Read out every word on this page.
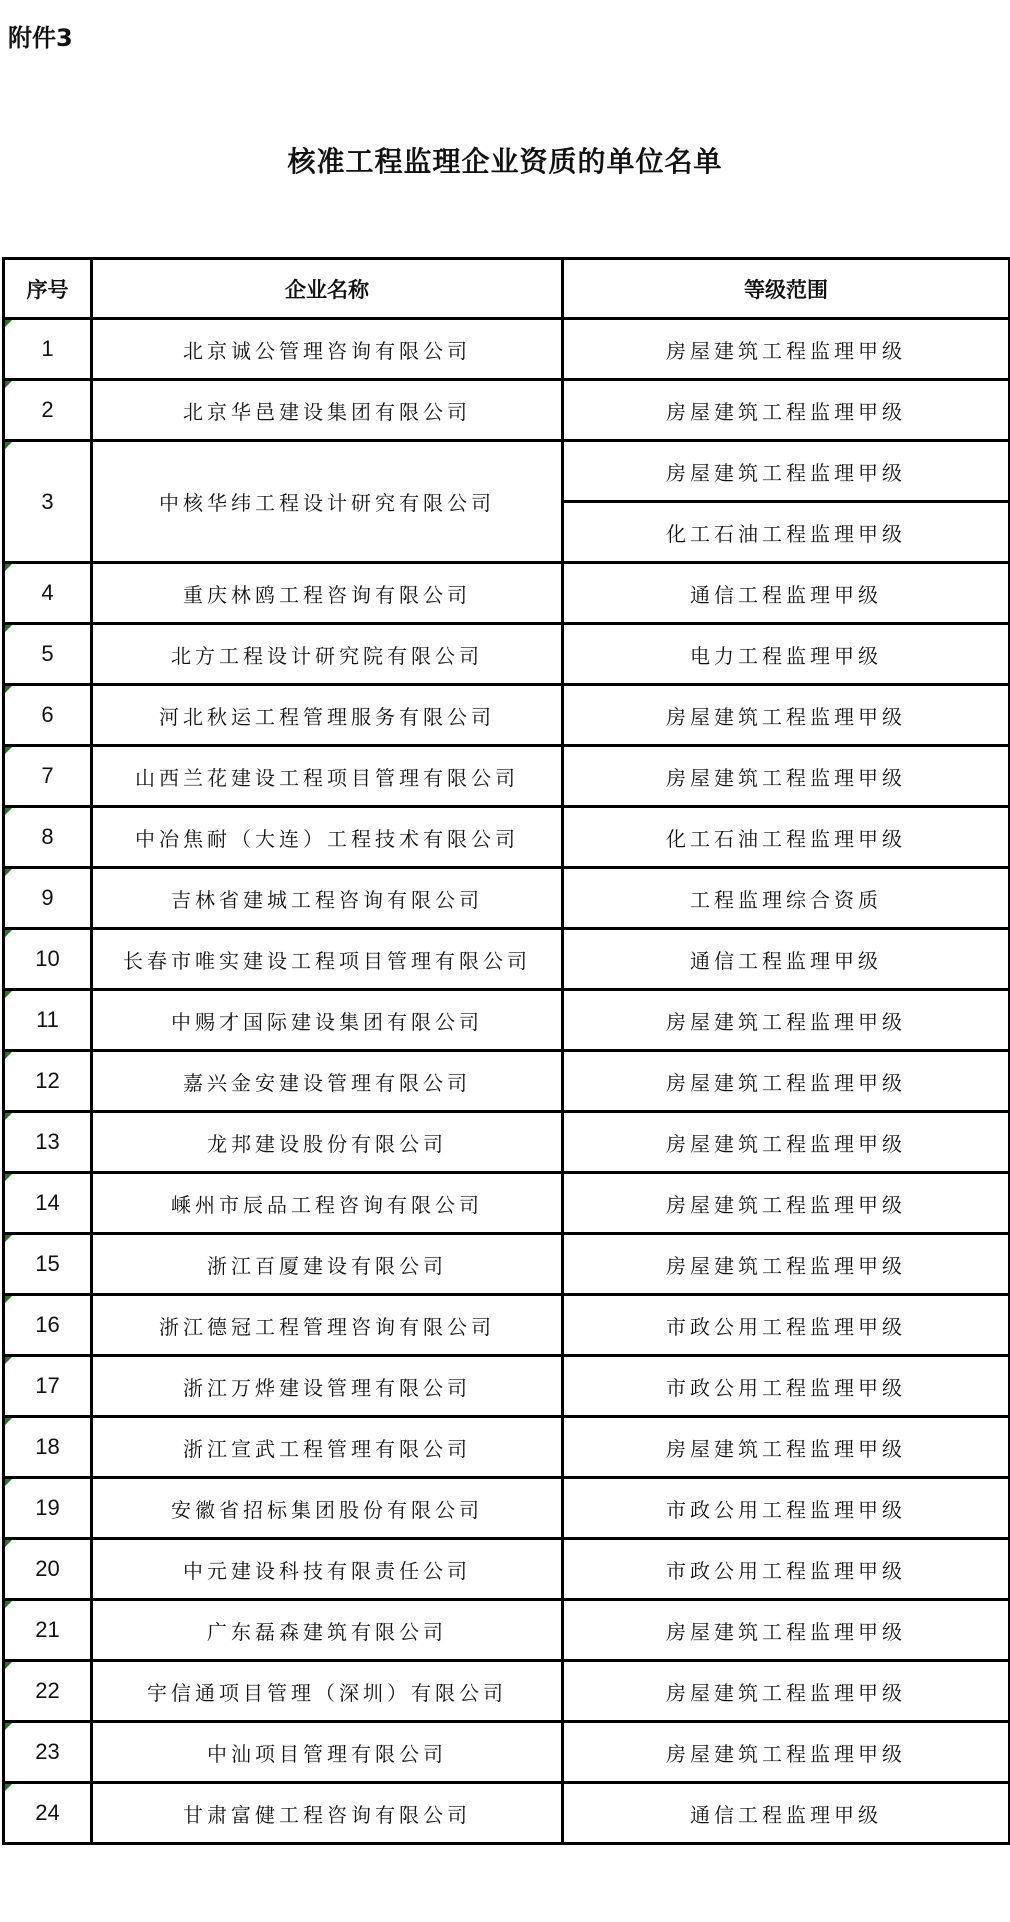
附件3
核准工程监理企业资质的单位名单
序号	企业名称	等级范围

1	北京诚公管理咨询有限公司	房屋建筑工程监理甲级

2	北京华邑建设集团有限公司	房屋建筑工程监理甲级

3	中核华纬工程设计研究有限公司	房屋建筑工程监理甲级
		化工石油工程监理甲级

4	重庆林鸥工程咨询有限公司	通信工程监理甲级

5	北方工程设计研究院有限公司	电力工程监理甲级

6	河北秋运工程管理服务有限公司	房屋建筑工程监理甲级

7	山西兰花建设工程项目管理有限公司	房屋建筑工程监理甲级

8	中冶焦耐（大连）工程技术有限公司	化工石油工程监理甲级

9	吉林省建城工程咨询有限公司	工程监理综合资质

10	长春市唯实建设工程项目管理有限公司	通信工程监理甲级

11	中赐才国际建设集团有限公司	房屋建筑工程监理甲级

12	嘉兴金安建设管理有限公司	房屋建筑工程监理甲级

13	龙邦建设股份有限公司	房屋建筑工程监理甲级

14	嵊州市辰品工程咨询有限公司	房屋建筑工程监理甲级

15	浙江百厦建设有限公司	房屋建筑工程监理甲级

16	浙江德冠工程管理咨询有限公司	市政公用工程监理甲级

17	浙江万烨建设管理有限公司	市政公用工程监理甲级

18	浙江宣武工程管理有限公司	房屋建筑工程监理甲级

19	安徽省招标集团股份有限公司	市政公用工程监理甲级

20	中元建设科技有限责任公司	市政公用工程监理甲级

21	广东磊森建筑有限公司	房屋建筑工程监理甲级

22	宇信通项目管理（深圳）有限公司	房屋建筑工程监理甲级

23	中汕项目管理有限公司	房屋建筑工程监理甲级

24	甘肃富健工程咨询有限公司	通信工程监理甲级
